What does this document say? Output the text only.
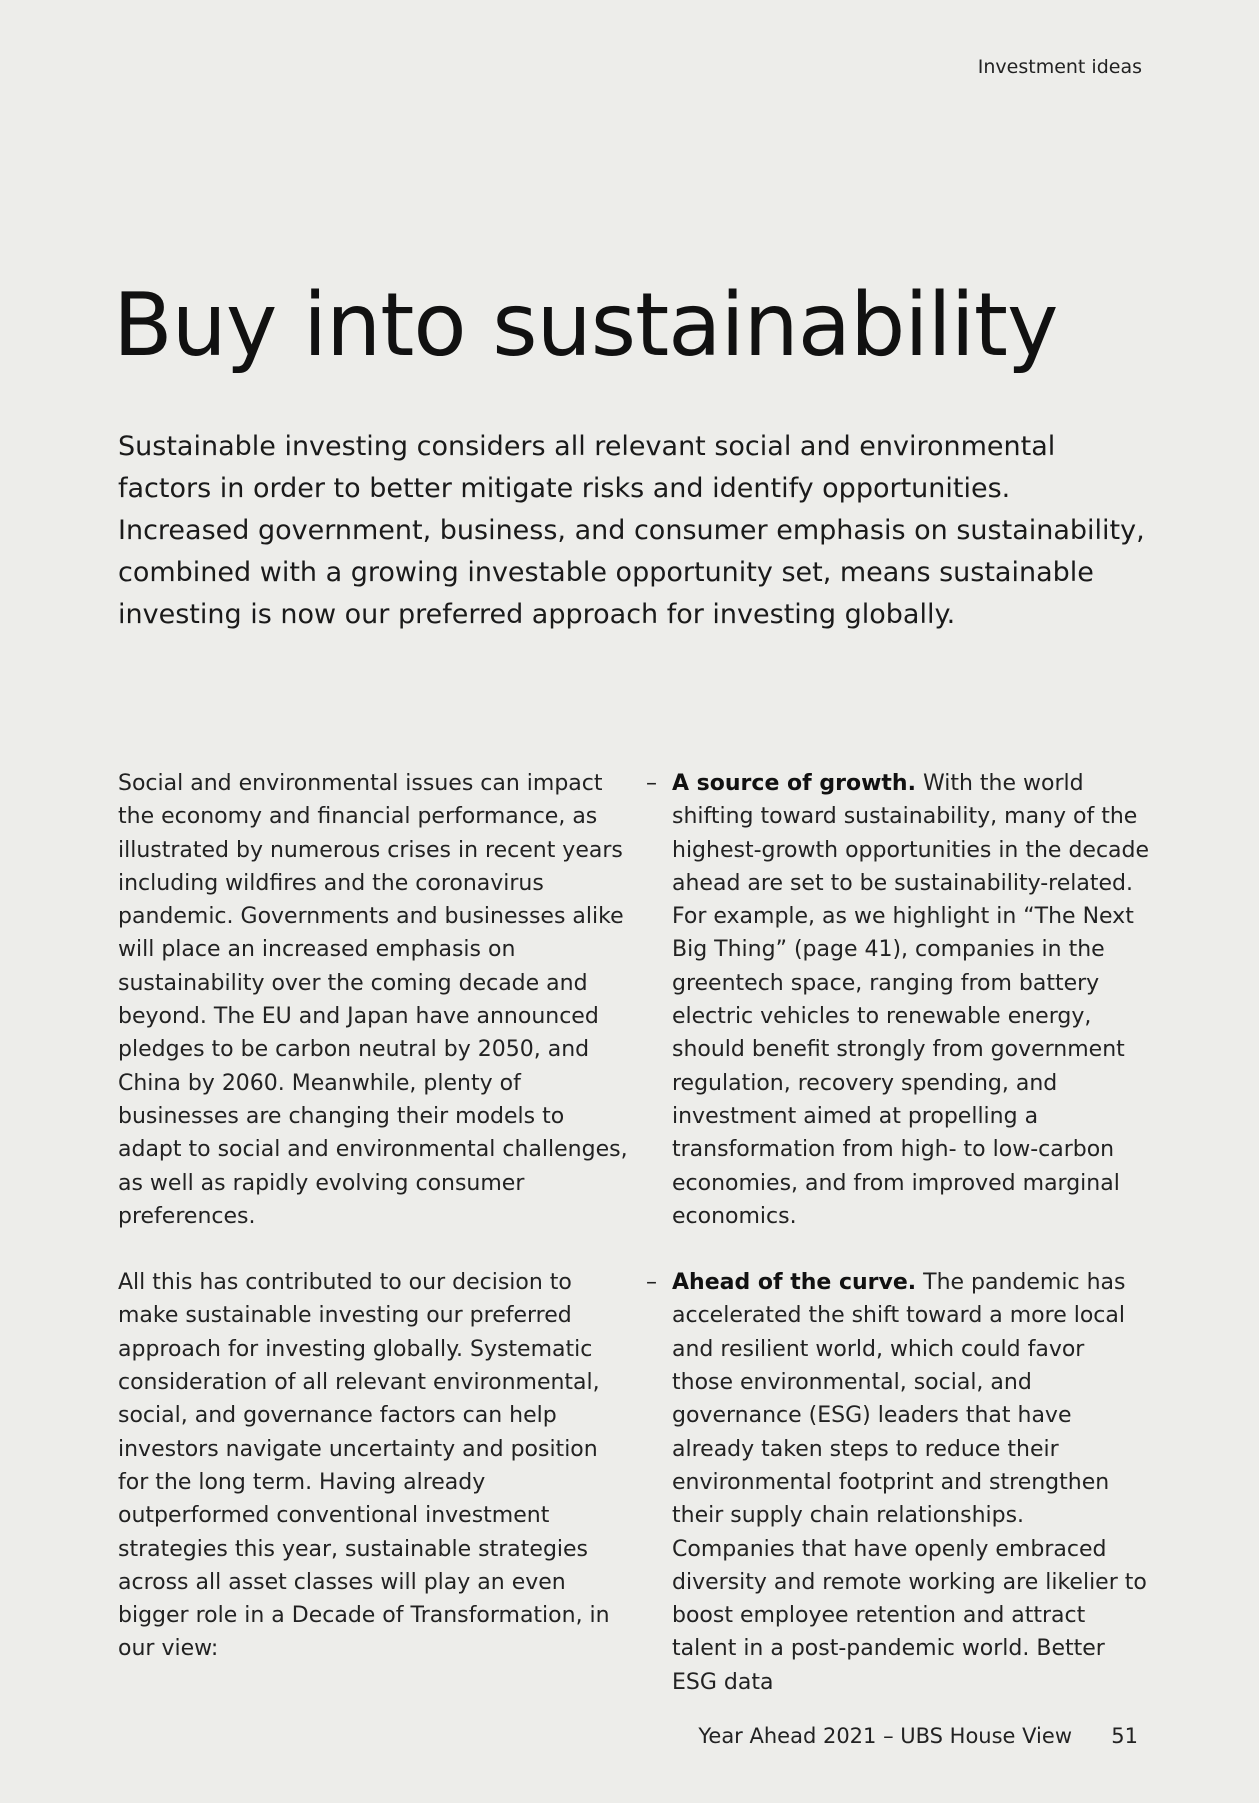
Investment ideas
Buy into sustainability

Sustainable investing considers all relevant social and environmental factors in order to better mitigate risks and identify opportunities. Increased government, business, and consumer emphasis on sustainability, combined with a growing investable opportunity set, means sustainable investing is now our preferred approach for investing globally.

Social and environmental issues can impact the economy and financial performance, as illustrated by numerous crises in recent years including wildfires and the coronavirus pandemic. Governments and businesses alike will place an increased emphasis on sustainability over the coming decade and beyond. The EU and Japan have announced pledges to be carbon neutral by 2050, and China by 2060. Meanwhile, plenty of businesses are changing their models to adapt to social and environmental challenges, as well as rapidly evolving consumer preferences.

All this has contributed to our decision to make sustainable investing our preferred approach for investing globally. Systematic consideration of all relevant environmental, social, and governance factors can help investors navigate uncertainty and position for the long term. Having already outperformed conventional investment strategies this year, sustainable strategies across all asset classes will play an even bigger role in a Decade of Transformation, in our view:

– A source of growth. With the world shifting toward sustainability, many of the highest-growth opportunities in the decade ahead are set to be sustainability-related. For example, as we highlight in “The Next Big Thing” (page 41), companies in the greentech space, ranging from battery electric vehicles to renewable energy, should benefit strongly from government regulation, recovery spending, and investment aimed at propelling a transformation from high- to low-carbon economies, and from improved marginal economics.
– Ahead of the curve. The pandemic has accelerated the shift toward a more local and resilient world, which could favor those environmental, social, and governance (ESG) leaders that have already taken steps to reduce their environmental footprint and strengthen their supply chain relationships. Companies that have openly embraced diversity and remote working are likelier to boost employee retention and attract talent in a post-pandemic world. Better ESG data
Year Ahead 2021 – UBS House View 51
